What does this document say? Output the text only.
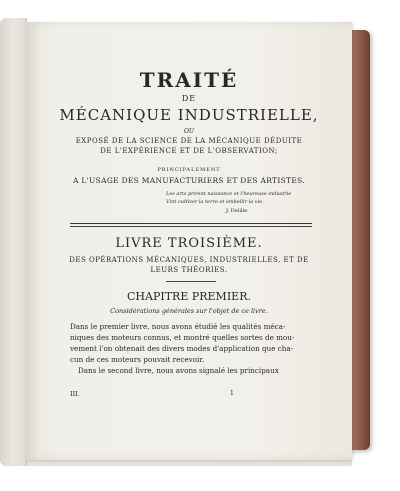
TRAITÉ
DE
MÉCANIQUE INDUSTRIELLE,
OU
EXPOSÉ DE LA SCIENCE DE LA MÉCANIQUE DÉDUITE
DE L'EXPÉRIENCE ET DE L'OBSERVATION;
PRINCIPALEMENT
A L'USAGE DES MANUFACTURIERS ET DES ARTISTES.
Les arts prirent naissance et l'heureuse industrie
Vint cultiver la terre et embellir la vie.
J. Delille.
LIVRE TROISIÈME.
DES OPÉRATIONS MÉCANIQUES, INDUSTRIELLES, ET DE
LEURS THÉORIES.
CHAPITRE PREMIER.
Considérations générales sur l'objet de ce livre.
Dans le premier livre, nous avons étudié les qualités méca-
niques des moteurs connus, et montré quelles sortes de mou-
vement l'on obtenait des divers modes d'application que cha-
cun de ces moteurs pouvait recevoir.
Dans le second livre, nous avons signalé les principaux
III.	1
